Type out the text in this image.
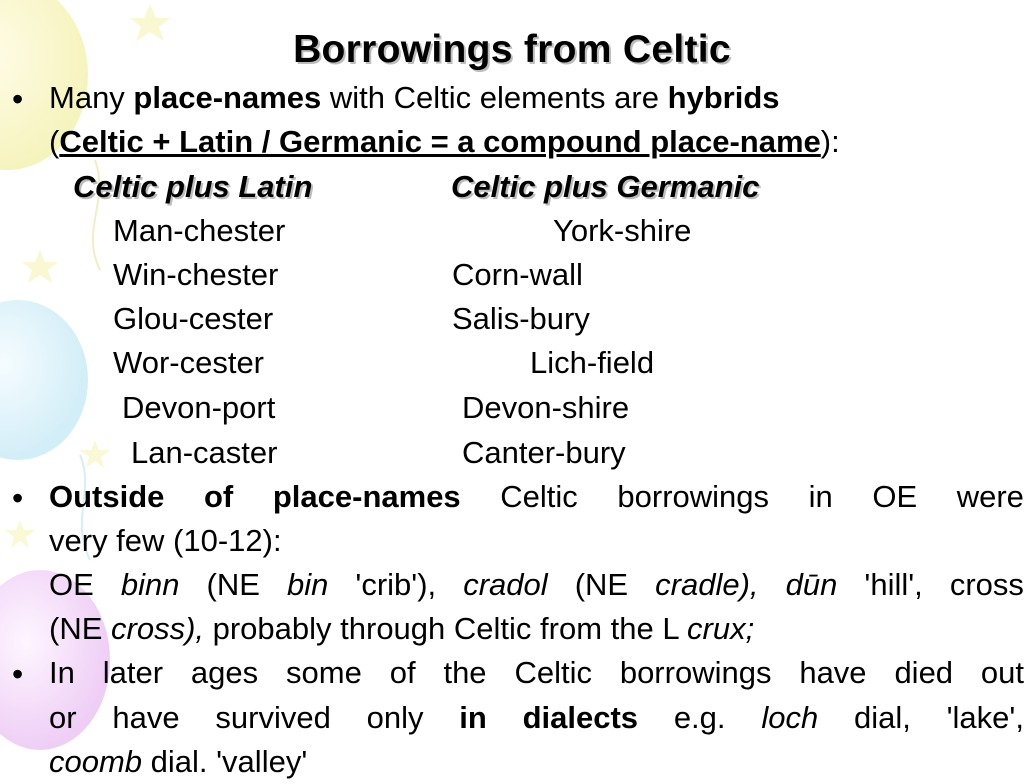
Borrowings from Celtic
• Many place-names with Celtic elements are hybrids
(Celtic + Latin / Germanic = a compound place-name):
Celtic plus Latin	Celtic plus Germanic
Man-chester
Win-chester
Glou-cester
Wor-cester
Devon-port
Lan-caster
York-shire
Corn-wall
Salis-bury
Lich-field
Devon-shire
Canter-bury
• Outside of place-names Celtic borrowings in OE were
very few (10-12):
OE binn (NE bin 'crib'), cradol (NE cradle), dūn 'hill', cross
(NE cross), probably through Celtic from the L crux;
• In later ages some of the Celtic borrowings have died out
or have survived only in dialects e.g. loch dial, 'lake',
coomb dial. 'valley'
